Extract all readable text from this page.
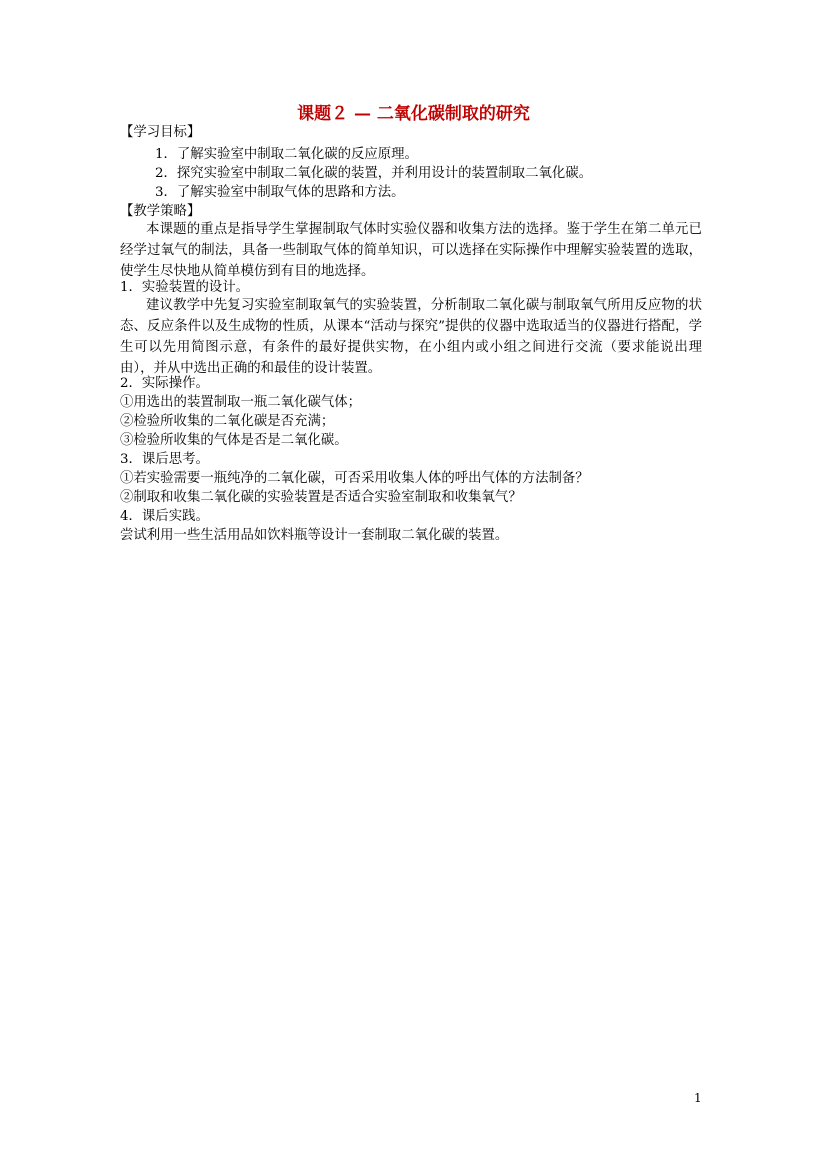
课题２ — 二氧化碳制取的研究
【学习目标】
1．了解实验室中制取二氧化碳的反应原理。
2．探究实验室中制取二氧化碳的装置，并利用设计的装置制取二氧化碳。
3．了解实验室中制取气体的思路和方法。
【教学策略】
本课题的重点是指导学生掌握制取气体时实验仪器和收集方法的选择。鉴于学生在第二单元已经学过氧气的制法，具备一些制取气体的简单知识，可以选择在实际操作中理解实验装置的选取，使学生尽快地从简单模仿到有目的地选择。
1．实验装置的设计。
建议教学中先复习实验室制取氧气的实验装置，分析制取二氧化碳与制取氧气所用反应物的状态、反应条件以及生成物的性质，从课本“活动与探究”提供的仪器中选取适当的仪器进行搭配，学生可以先用简图示意，有条件的最好提供实物，在小组内或小组之间进行交流（要求能说出理由），并从中选出正确的和最佳的设计装置。
2．实际操作。
①用选出的装置制取一瓶二氧化碳气体；
②检验所收集的二氧化碳是否充满；
③检验所收集的气体是否是二氧化碳。
3．课后思考。
①若实验需要一瓶纯净的二氧化碳，可否采用收集人体的呼出气体的方法制备？
②制取和收集二氧化碳的实验装置是否适合实验室制取和收集氧气？
4．课后实践。
尝试利用一些生活用品如饮料瓶等设计一套制取二氧化碳的装置。
1
